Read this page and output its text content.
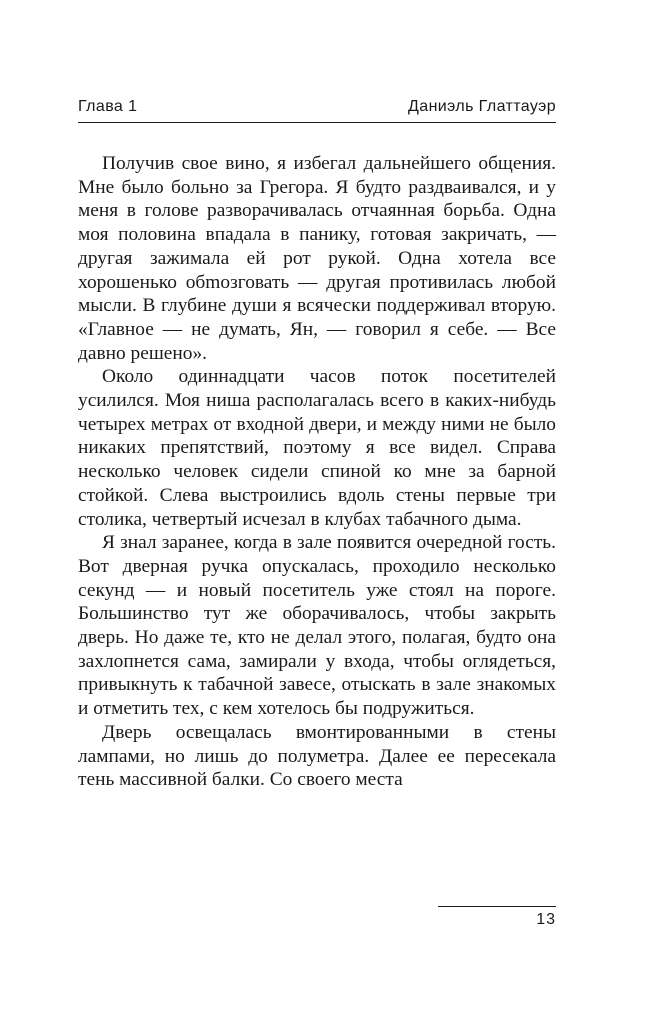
Глава 1	Даниэль Глаттауэр

Получив свое вино, я избегал дальнейшего общения. Мне было больно за Грегора. Я будто раздваивался, и у меня в голове разворачивалась отчаянная борьба. Одна моя половина впадала в панику, готовая закричать, — другая зажимала ей рот рукой. Одна хотела все хорошенько обmозговать — другая противилась любой мысли. В глубине души я всячески поддерживал вторую. «Главное — не думать, Ян, — говорил я себе. — Все давно решено».

Около одиннадцати часов поток посетителей усилился. Моя ниша располагалась всего в каких-нибудь четырех метрах от входной двери, и между ними не было никаких препятствий, поэтому я все видел. Справа несколько человек сидели спиной ко мне за барной стойкой. Слева выстроились вдоль стены первые три столика, четвертый исчезал в клубах табачного дыма.

Я знал заранее, когда в зале появится очередной гость. Вот дверная ручка опускалась, проходило несколько секунд — и новый посетитель уже стоял на пороге. Большинство тут же оборачивалось, чтобы закрыть дверь. Но даже те, кто не делал этого, полагая, будто она захлопнется сама, замирали у входа, чтобы оглядеться, привыкнуть к табачной завесе, отыскать в зале знакомых и отметить тех, с кем хотелось бы подружиться.

Дверь освещалась вмонтированными в стены лампами, но лишь до полуметра. Далее ее пересекала тень массивной балки. Со своего места

13
